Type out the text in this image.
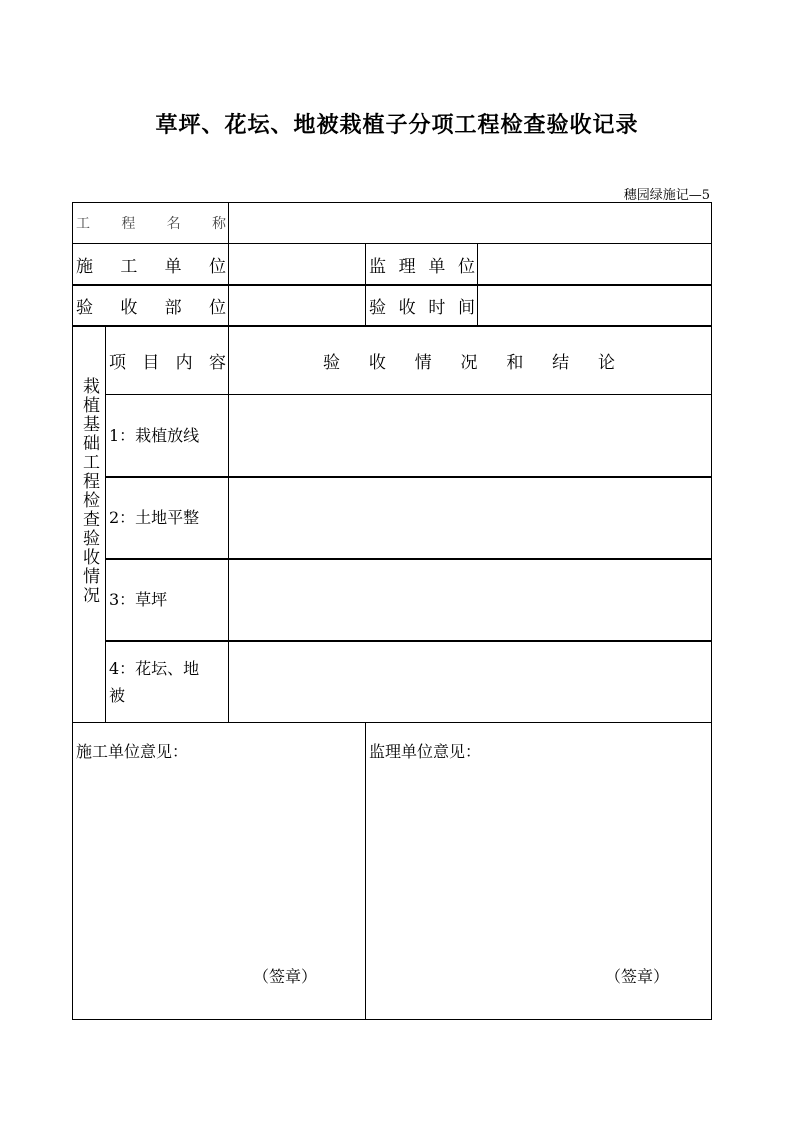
草坪、花坛、地被栽植子分项工程检查验收记录
穗园绿施记—5
工 程 名 称
施 工 单 位	监 理 单 位
验 收 部 位	验 收 时 间
栽植基础工程检查验收情况
项 目 内 容	验 收 情 况 和 结 论
1：栽植放线
2：土地平整
3：草坪
4：花坛、地被
施工单位意见：	监理单位意见：
（签章）	（签章）
